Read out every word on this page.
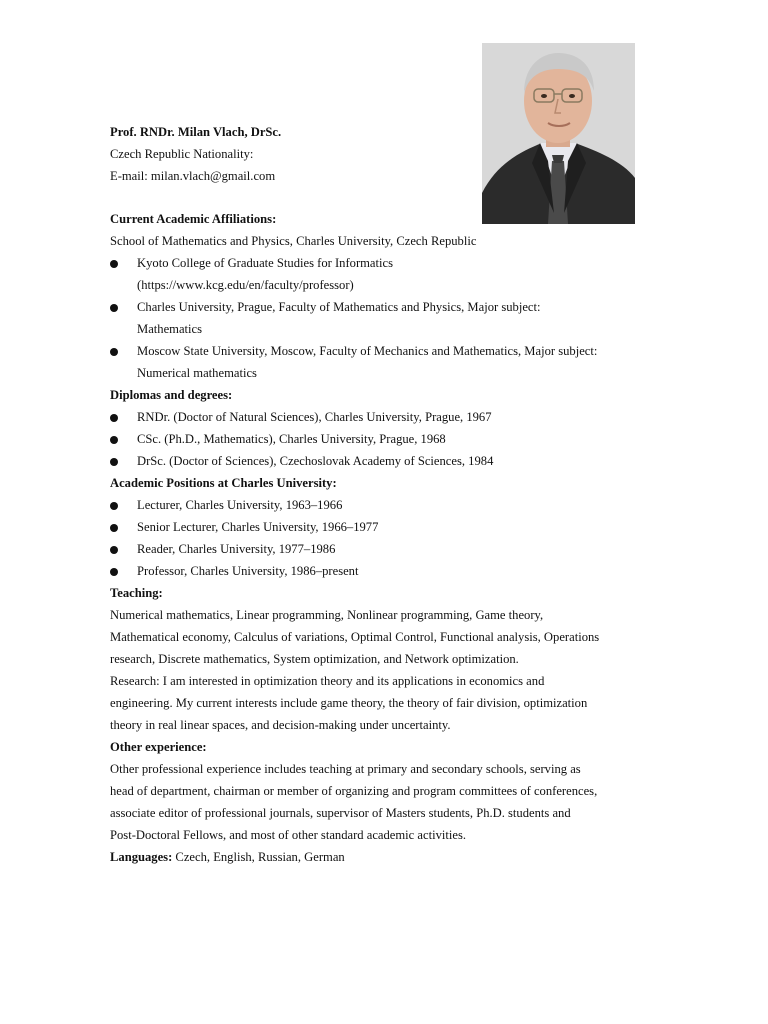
Prof. RNDr. Milan Vlach, DrSc.
Czech Republic Nationality:
E-mail: milan.vlach@gmail.com
Current Academic Affiliations:
School of Mathematics and Physics, Charles University, Czech Republic
Kyoto College of Graduate Studies for Informatics
(https://www.kcg.edu/en/faculty/professor)
Charles University, Prague, Faculty of Mathematics and Physics, Major subject:
Mathematics
Moscow State University, Moscow, Faculty of Mechanics and Mathematics, Major subject:
Numerical mathematics
Diplomas and degrees:
RNDr. (Doctor of Natural Sciences), Charles University, Prague, 1967
CSc. (Ph.D., Mathematics), Charles University, Prague, 1968
DrSc. (Doctor of Sciences), Czechoslovak Academy of Sciences, 1984
Academic Positions at Charles University:
Lecturer, Charles University, 1963–1966
Senior Lecturer, Charles University, 1966–1977
Reader, Charles University, 1977–1986
Professor, Charles University, 1986–present
Teaching:
Numerical mathematics, Linear programming, Nonlinear programming, Game theory,
Mathematical economy, Calculus of variations, Optimal Control, Functional analysis, Operations
research, Discrete mathematics, System optimization, and Network optimization.
Research: I am interested in optimization theory and its applications in economics and
engineering. My current interests include game theory, the theory of fair division, optimization
theory in real linear spaces, and decision-making under uncertainty.
Other experience:
Other professional experience includes teaching at primary and secondary schools, serving as
head of department, chairman or member of organizing and program committees of conferences,
associate editor of professional journals, supervisor of Masters students, Ph.D. students and
Post-Doctoral Fellows, and most of other standard academic activities.
Languages: Czech, English, Russian, German
